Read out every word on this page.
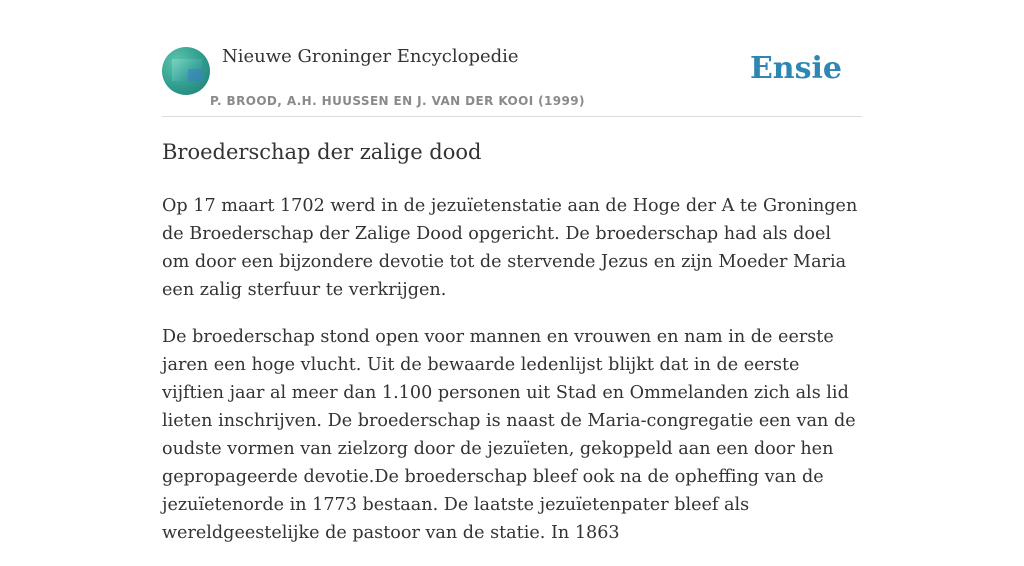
Nieuwe Groninger Encyclopedie
P. BROOD, A.H. HUUSSEN EN J. VAN DER KOOI (1999)
Ensie
Broederschap der zalige dood

Op 17 maart 1702 werd in de jezuïetenstatie aan de Hoge der A te Groningen de Broederschap der Zalige Dood opgericht. De broederschap had als doel om door een bijzondere devotie tot de stervende Jezus en zijn Moeder Maria een zalig sterfuur te verkrijgen.

De broederschap stond open voor mannen en vrouwen en nam in de eerste jaren een hoge vlucht. Uit de bewaarde ledenlijst blijkt dat in de eerste vijftien jaar al meer dan 1.100 personen uit Stad en Ommelanden zich als lid lieten inschrijven. De broederschap is naast de Maria-congregatie een van de oudste vormen van zielzorg door de jezuïeten, gekoppeld aan een door hen gepropageerde devotie.De broederschap bleef ook na de opheffing van de jezuïetenorde in 1773 bestaan. De laatste jezuïetenpater bleef als wereldgeestelijke de pastoor van de statie. In 1863
